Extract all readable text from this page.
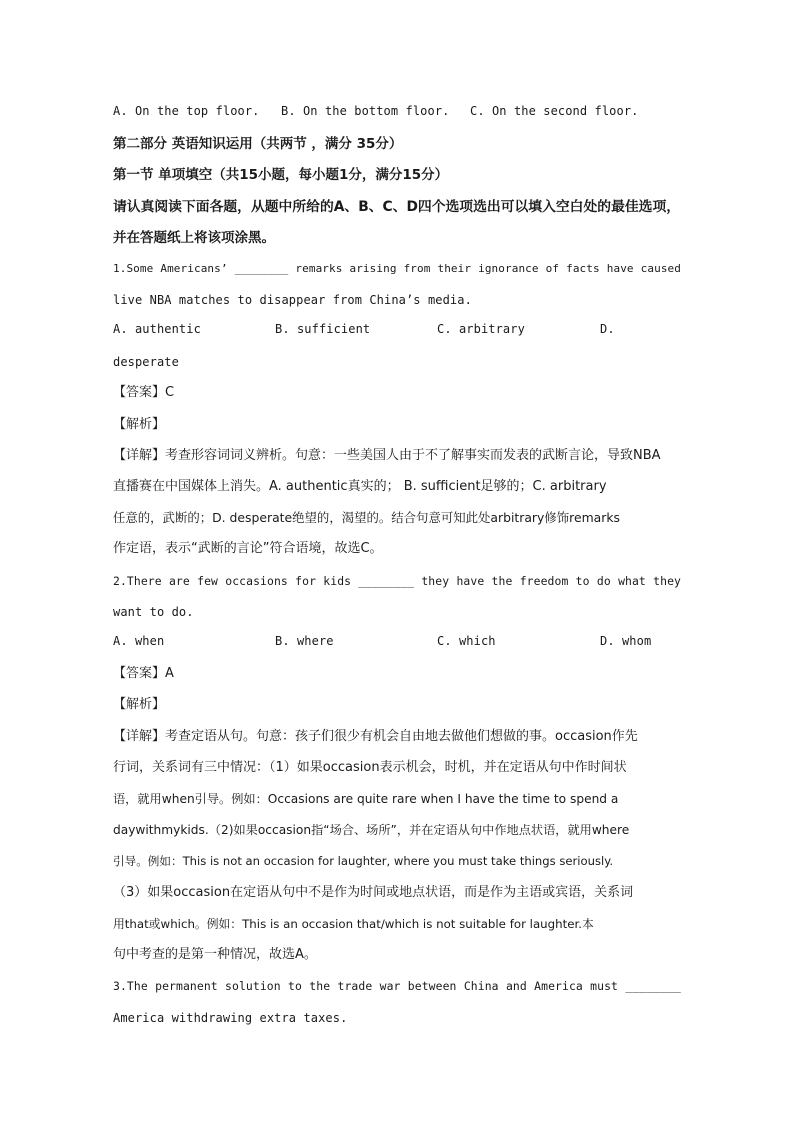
A. On the top floor. B. On the bottom floor. C. On the second floor.
第二部分 英语知识运用（共两节 ，满分 35分）
第一节 单项填空（共15小题，每小题1分，满分15分）
请认真阅读下面各题，从题中所给的A、B、C、D四个选项选出可以填入空白处的最佳选项，
并在答题纸上将该项涂黑。
1.Some Americans’ ________ remarks arising from their ignorance of facts have caused
live NBA matches to disappear from China’s media.
A. authentic	B. sufficient	C. arbitrary	D.
desperate
【答案】C
【解析】
【详解】考查形容词词义辨析。句意：一些美国人由于不了解事实而发表的武断言论，导致NBA
直播赛在中国媒体上消失。A. authentic真实的； B. sufficient足够的；C. arbitrary
任意的，武断的；D. desperate绝望的，渴望的。结合句意可知此处arbitrary修饰remarks
作定语，表示“武断的言论”符合语境，故选C。
2.There are few occasions for kids ________ they have the freedom to do what they
want to do.
A. when	B. where	C. which	D. whom
【答案】A
【解析】
【详解】考查定语从句。句意：孩子们很少有机会自由地去做他们想做的事。occasion作先
行词，关系词有三中情况：（1）如果occasion表示机会，时机，并在定语从句中作时间状
语，就用when引导。例如：Occasions are quite rare when I have the time to spend a
daywithmykids.（2)如果occasion指“场合、场所”，并在定语从句中作地点状语，就用where
引导。例如：This is not an occasion for laughter, where you must take things seriously.
（3）如果occasion在定语从句中不是作为时间或地点状语，而是作为主语或宾语，关系词
用that或which。例如：This is an occasion that/which is not suitable for laughter.本
句中考查的是第一种情况，故选A。
3.The permanent solution to the trade war between China and America must ________
America withdrawing extra taxes.
